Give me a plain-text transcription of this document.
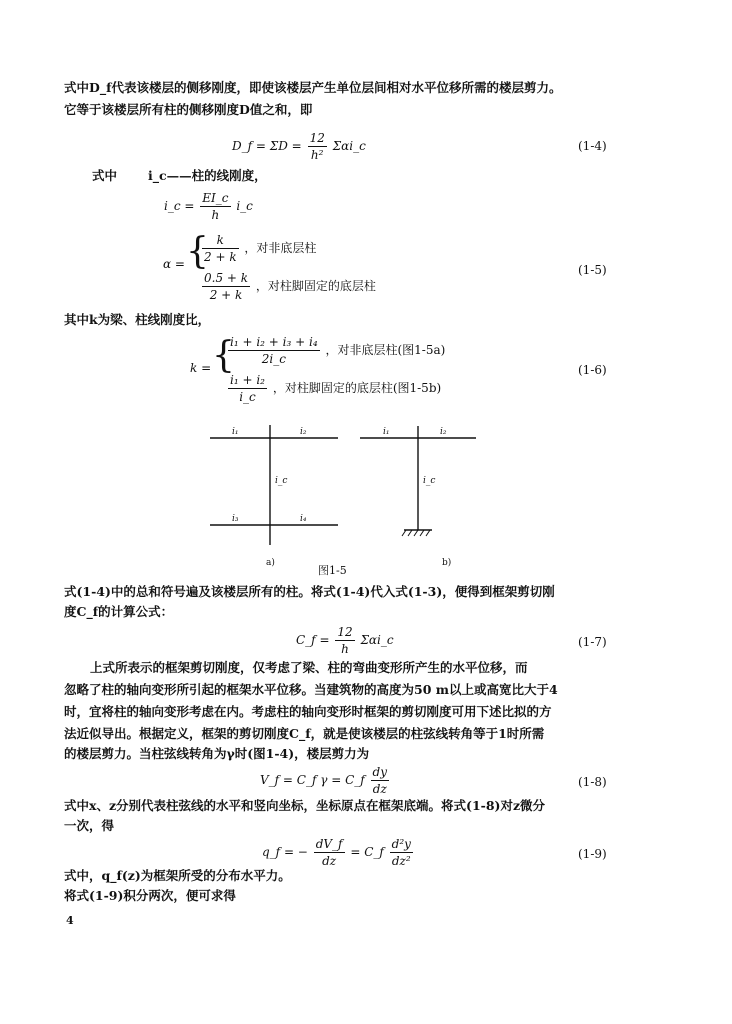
式中D_f代表该楼层的侧移刚度，即使该楼层产生单位层间相对水平位移所需的楼层剪力。
它等于该楼层所有柱的侧移刚度D值之和，即
D_f = $\Sigma D = \frac{12}{\text{h²}}$ Σαi_c	(1-4)
式中 i_c——柱的线刚度，
i_c = $\frac{EI\_c}{h}$ i_c
α = {
$\frac{k}{2 + k}$ ，对非底层柱
$\frac{0.5 + k}{2 + k}$ ，对柱脚固定的底层柱
(1-5)
其中k为梁、柱线刚度比，
k = {
$\frac{\text{i₁ + i₂ + i₃ + i₄}}{2i\_c}$ ，对非底层柱(图1-5a)
$\frac{\text{i₁ + i₂}}{i\_c}$ ，对柱脚固定的底层柱(图1-5b)
(1-6)
i₁	i₂
i_c
i₃	i₄
i₁	i₂
i_c
a)	b)
图1-5
式(1-4)中的总和符号遍及该楼层所有的柱。将式(1-4)代入式(1-3)，便得到框架剪切刚
度C_f的计算公式：
C_f = $\frac{12}{h}$ Σαi_c	(1-7)
上式所表示的框架剪切刚度，仅考虑了梁、柱的弯曲变形所产生的水平位移，而
忽略了柱的轴向变形所引起的框架水平位移。当建筑物的高度为50 m以上或高宽比大于4
时，宜将柱的轴向变形考虑在内。考虑柱的轴向变形时框架的剪切刚度可用下述比拟的方
法近似导出。根据定义，框架的剪切刚度C_f，就是使该楼层的柱弦线转角等于1时所需
的楼层剪力。当柱弦线转角为γ时(图1-4)，楼层剪力为
V_f = C_f γ = C_f $\frac{dy}{dz}$	(1-8)
式中x、z分别代表柱弦线的水平和竖向坐标，坐标原点在框架底端。将式(1-8)对z微分
一次，得
q_f = − $\frac{dV\_f}{dz}$ = C_f $\frac{\text{d²y}}{\text{dz²}}$	(1-9)
式中，q_f(z)为框架所受的分布水平力。
将式(1-9)积分两次，便可求得
4
